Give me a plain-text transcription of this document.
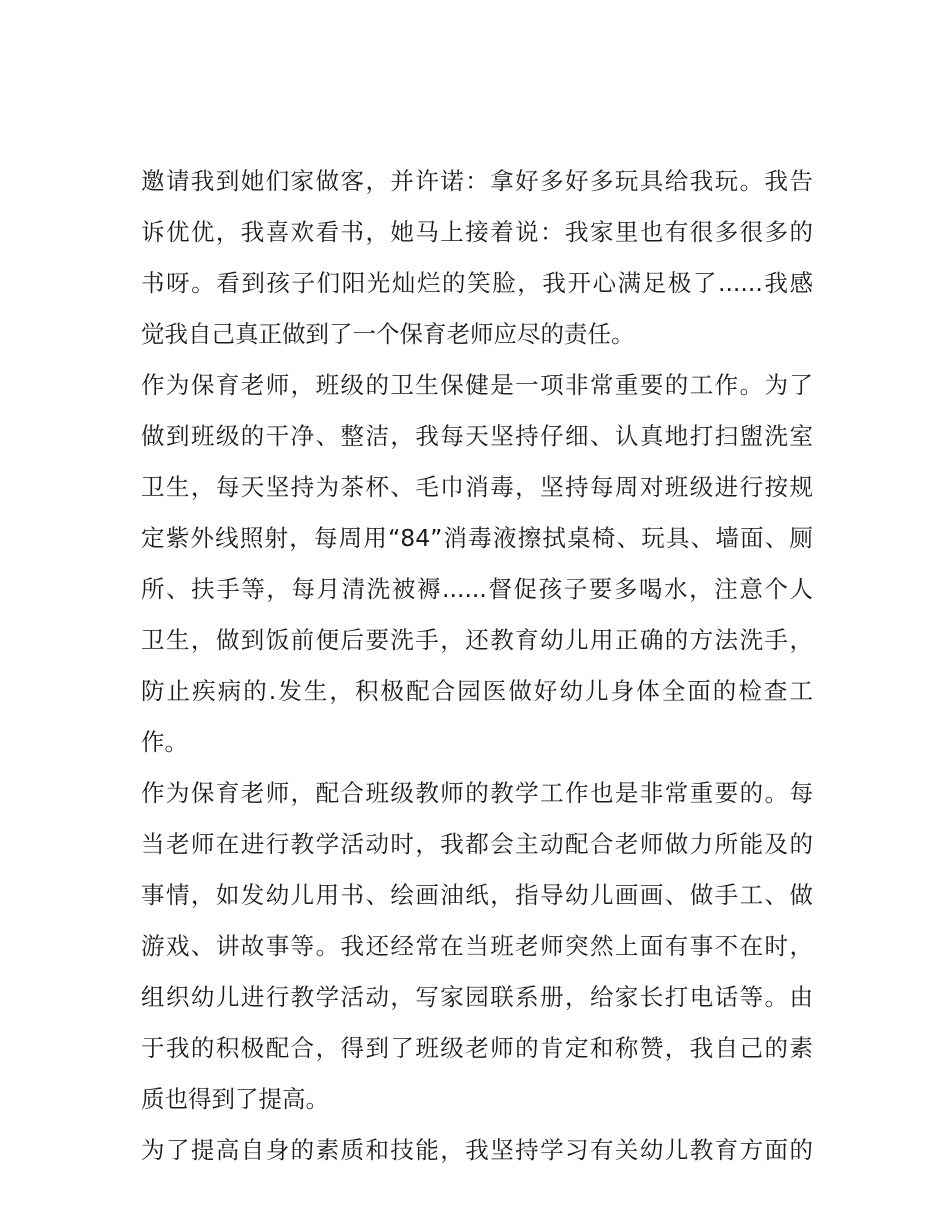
邀请我到她们家做客，并许诺：拿好多好多玩具给我玩。我告
诉优优，我喜欢看书，她马上接着说：我家里也有很多很多的
书呀。看到孩子们阳光灿烂的笑脸，我开心满足极了......我感
觉我自己真正做到了一个保育老师应尽的责任。
作为保育老师，班级的卫生保健是一项非常重要的工作。为了
做到班级的干净、整洁，我每天坚持仔细、认真地打扫盥洗室
卫生，每天坚持为茶杯、毛巾消毒，坚持每周对班级进行按规
定紫外线照射，每周用“84”消毒液擦拭桌椅、玩具、墙面、厕
所、扶手等，每月清洗被褥......督促孩子要多喝水，注意个人
卫生，做到饭前便后要洗手，还教育幼儿用正确的方法洗手，
防止疾病的.发生，积极配合园医做好幼儿身体全面的检查工
作。
作为保育老师，配合班级教师的教学工作也是非常重要的。每
当老师在进行教学活动时，我都会主动配合老师做力所能及的
事情，如发幼儿用书、绘画油纸，指导幼儿画画、做手工、做
游戏、讲故事等。我还经常在当班老师突然上面有事不在时，
组织幼儿进行教学活动，写家园联系册，给家长打电话等。由
于我的积极配合，得到了班级老师的肯定和称赞，我自己的素
质也得到了提高。
为了提高自身的素质和技能，我坚持学习有关幼儿教育方面的
